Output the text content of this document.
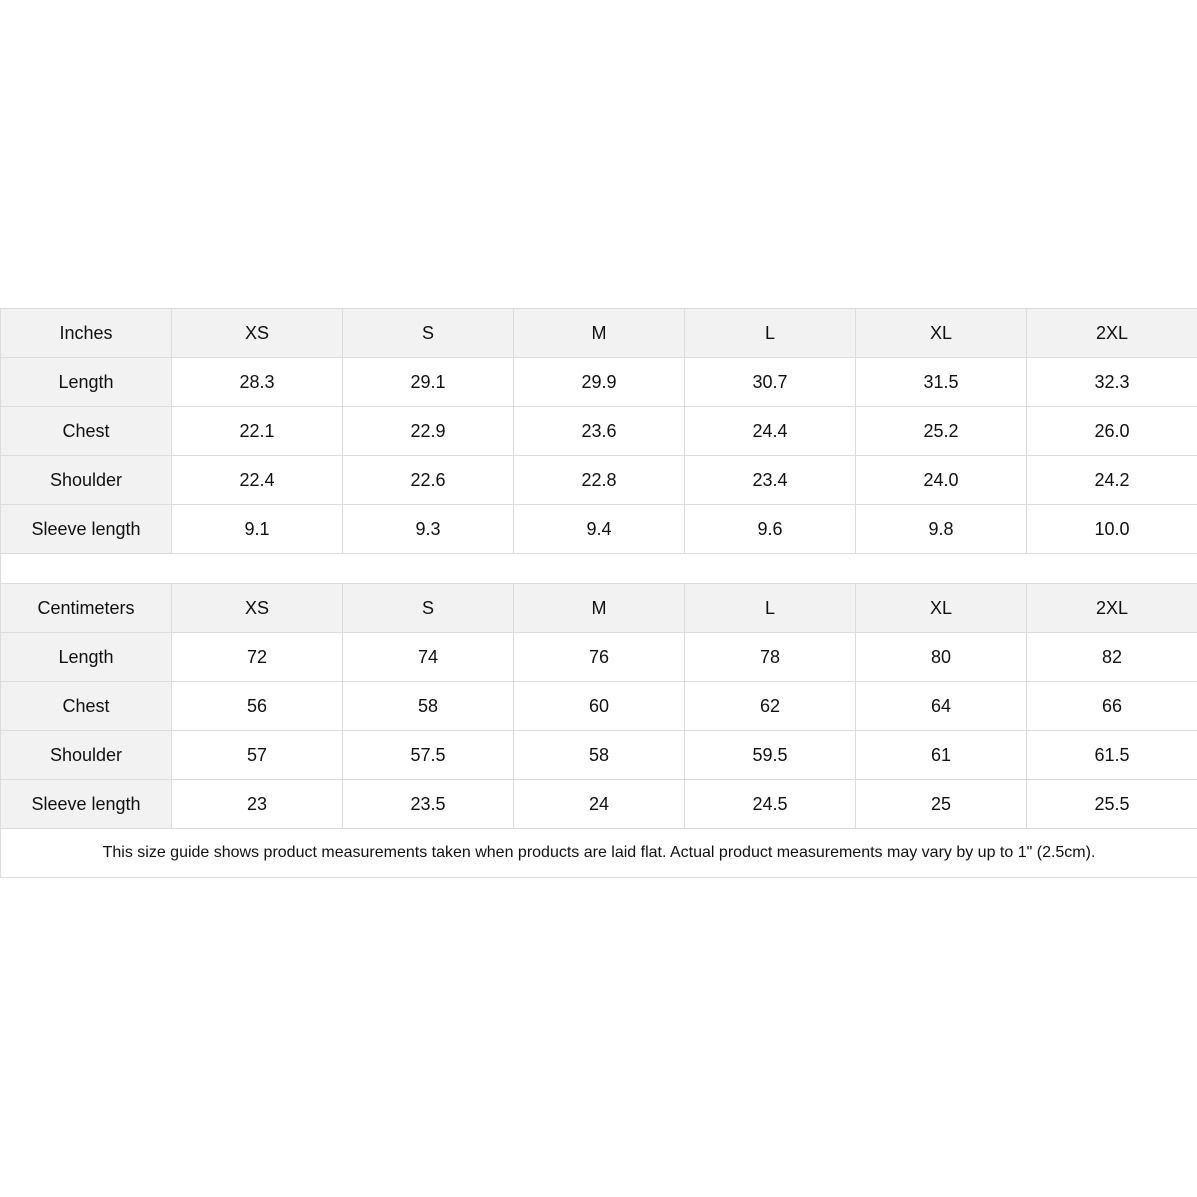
Inches	XS	S	M	L	XL	2XL
Length	28.3	29.1	29.9	30.7	31.5	32.3
Chest	22.1	22.9	23.6	24.4	25.2	26.0
Shoulder	22.4	22.6	22.8	23.4	24.0	24.2
Sleeve length	9.1	9.3	9.4	9.6	9.8	10.0

Centimeters	XS	S	M	L	XL	2XL
Length	72	74	76	78	80	82
Chest	56	58	60	62	64	66
Shoulder	57	57.5	58	59.5	61	61.5
Sleeve length	23	23.5	24	24.5	25	25.5
This size guide shows product measurements taken when products are laid flat. Actual product measurements may vary by up to 1" (2.5cm).						
